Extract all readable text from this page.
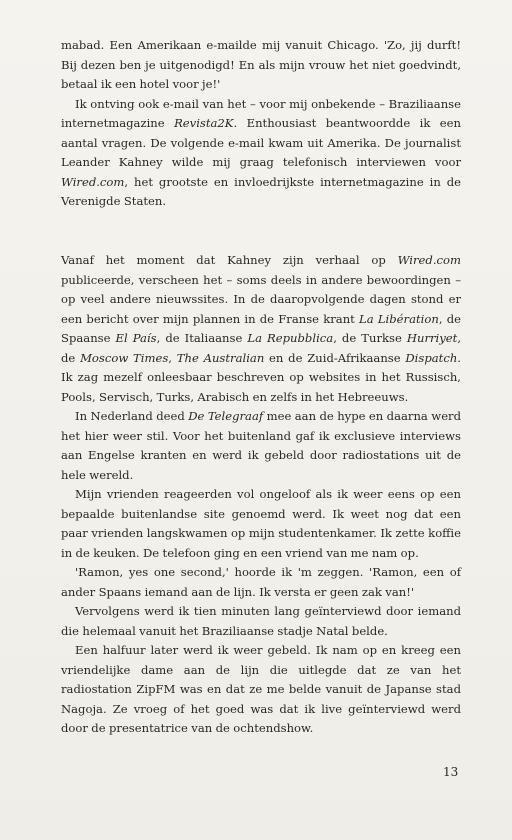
mabad. Een Amerikaan e-mailde mij vanuit Chicago. 'Zo, jij durft! Bij dezen ben je uitgenodigd! En als mijn vrouw het niet goedvindt, betaal ik een hotel voor je!'

Ik ontving ook e-mail van het – voor mij onbekende – Braziliaanse internetmagazine Revista2K. Enthousiast beantwoordde ik een aantal vragen. De volgende e-mail kwam uit Amerika. De journalist Leander Kahney wilde mij graag telefonisch interviewen voor Wired.com, het grootste en invloedrijkste internetmagazine in de Verenigde Staten.

Vanaf het moment dat Kahney zijn verhaal op Wired.com publiceerde, verscheen het – soms deels in andere bewoordingen – op veel andere nieuwssites. In de daaropvolgende dagen stond er een bericht over mijn plannen in de Franse krant La Libération, de Spaanse El País, de Italiaanse La Repubblica, de Turkse Hurriyet, de Moscow Times, The Australian en de Zuid-Afrikaanse Dispatch. Ik zag mezelf onleesbaar beschreven op websites in het Russisch, Pools, Servisch, Turks, Arabisch en zelfs in het Hebreeuws.

In Nederland deed De Telegraaf mee aan de hype en daarna werd het hier weer stil. Voor het buitenland gaf ik exclusieve interviews aan Engelse kranten en werd ik gebeld door radiostations uit de hele wereld.

Mijn vrienden reageerden vol ongeloof als ik weer eens op een bepaalde buitenlandse site genoemd werd. Ik weet nog dat een paar vrienden langskwamen op mijn studentenkamer. Ik zette koffie in de keuken. De telefoon ging en een vriend van me nam op.

'Ramon, yes one second,' hoorde ik 'm zeggen. 'Ramon, een of ander Spaans iemand aan de lijn. Ik versta er geen zak van!'

Vervolgens werd ik tien minuten lang geïnterviewd door iemand die helemaal vanuit het Braziliaanse stadje Natal belde.

Een halfuur later werd ik weer gebeld. Ik nam op en kreeg een vriendelijke dame aan de lijn die uitlegde dat ze van het radiostation ZipFM was en dat ze me belde vanuit de Japanse stad Nagoja. Ze vroeg of het goed was dat ik live geïnterviewd werd door de presentatrice van de ochtendshow.

13
